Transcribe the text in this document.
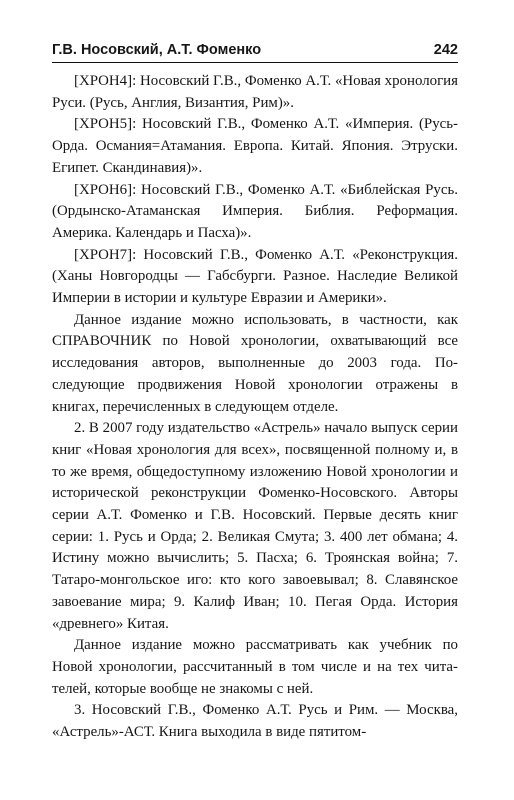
Г.В. Носовский, А.Т. Фоменко	242

[ХРОН4]: Носовский Г.В., Фоменко А.Т. «Новая хронология Руси. (Русь, Англия, Византия, Рим)».

[ХРОН5]: Носовский Г.В., Фоменко А.Т. «Империя. (Русь-Орда. Османия=Атамания. Европа. Китай. Япония. Этруски. Египет. Скандинавия)».

[ХРОН6]: Носовский Г.В., Фоменко А.Т. «Библейская Русь. (Ордынско-Атаманская Империя. Библия. Реформация. Америка. Календарь и Пасха)».

[ХРОН7]: Носовский Г.В., Фоменко А.Т. «Реконструкция. (Ханы Новгородцы — Габсбурги. Разное. Наследие Великой Империи в истории и культуре Евразии и Америки».

Данное издание можно использовать, в частности, как СПРАВОЧНИК по Новой хронологии, охватывающий все исследования авторов, выполненные до 2003 года. Последующие продвижения Новой хронологии отражены в книгах, перечисленных в следующем отделе.

2. В 2007 году издательство «Астрель» начало выпуск серии книг «Новая хронология для всех», посвященной полному и, в то же время, общедоступному изложению Новой хронологии и исторической реконструкции Фоменко-Носовского. Авторы серии А.Т. Фоменко и Г.В. Носовский. Первые десять книг серии: 1. Русь и Орда; 2. Великая Смута; 3. 400 лет обмана; 4. Истину можно вычислить; 5. Пасха; 6. Троянская война; 7. Татаро-монгольское иго: кто кого завоевывал; 8. Славянское завоевание мира; 9. Калиф Иван; 10. Пегая Орда. История «древнего» Китая.

Данное издание можно рассматривать как учебник по Новой хронологии, рассчитанный в том числе и на тех читателей, которые вообще не знакомы с ней.

3. Носовский Г.В., Фоменко А.Т. Русь и Рим. — Москва, «Астрель»-АСТ. Книга выходила в виде пятитом-
